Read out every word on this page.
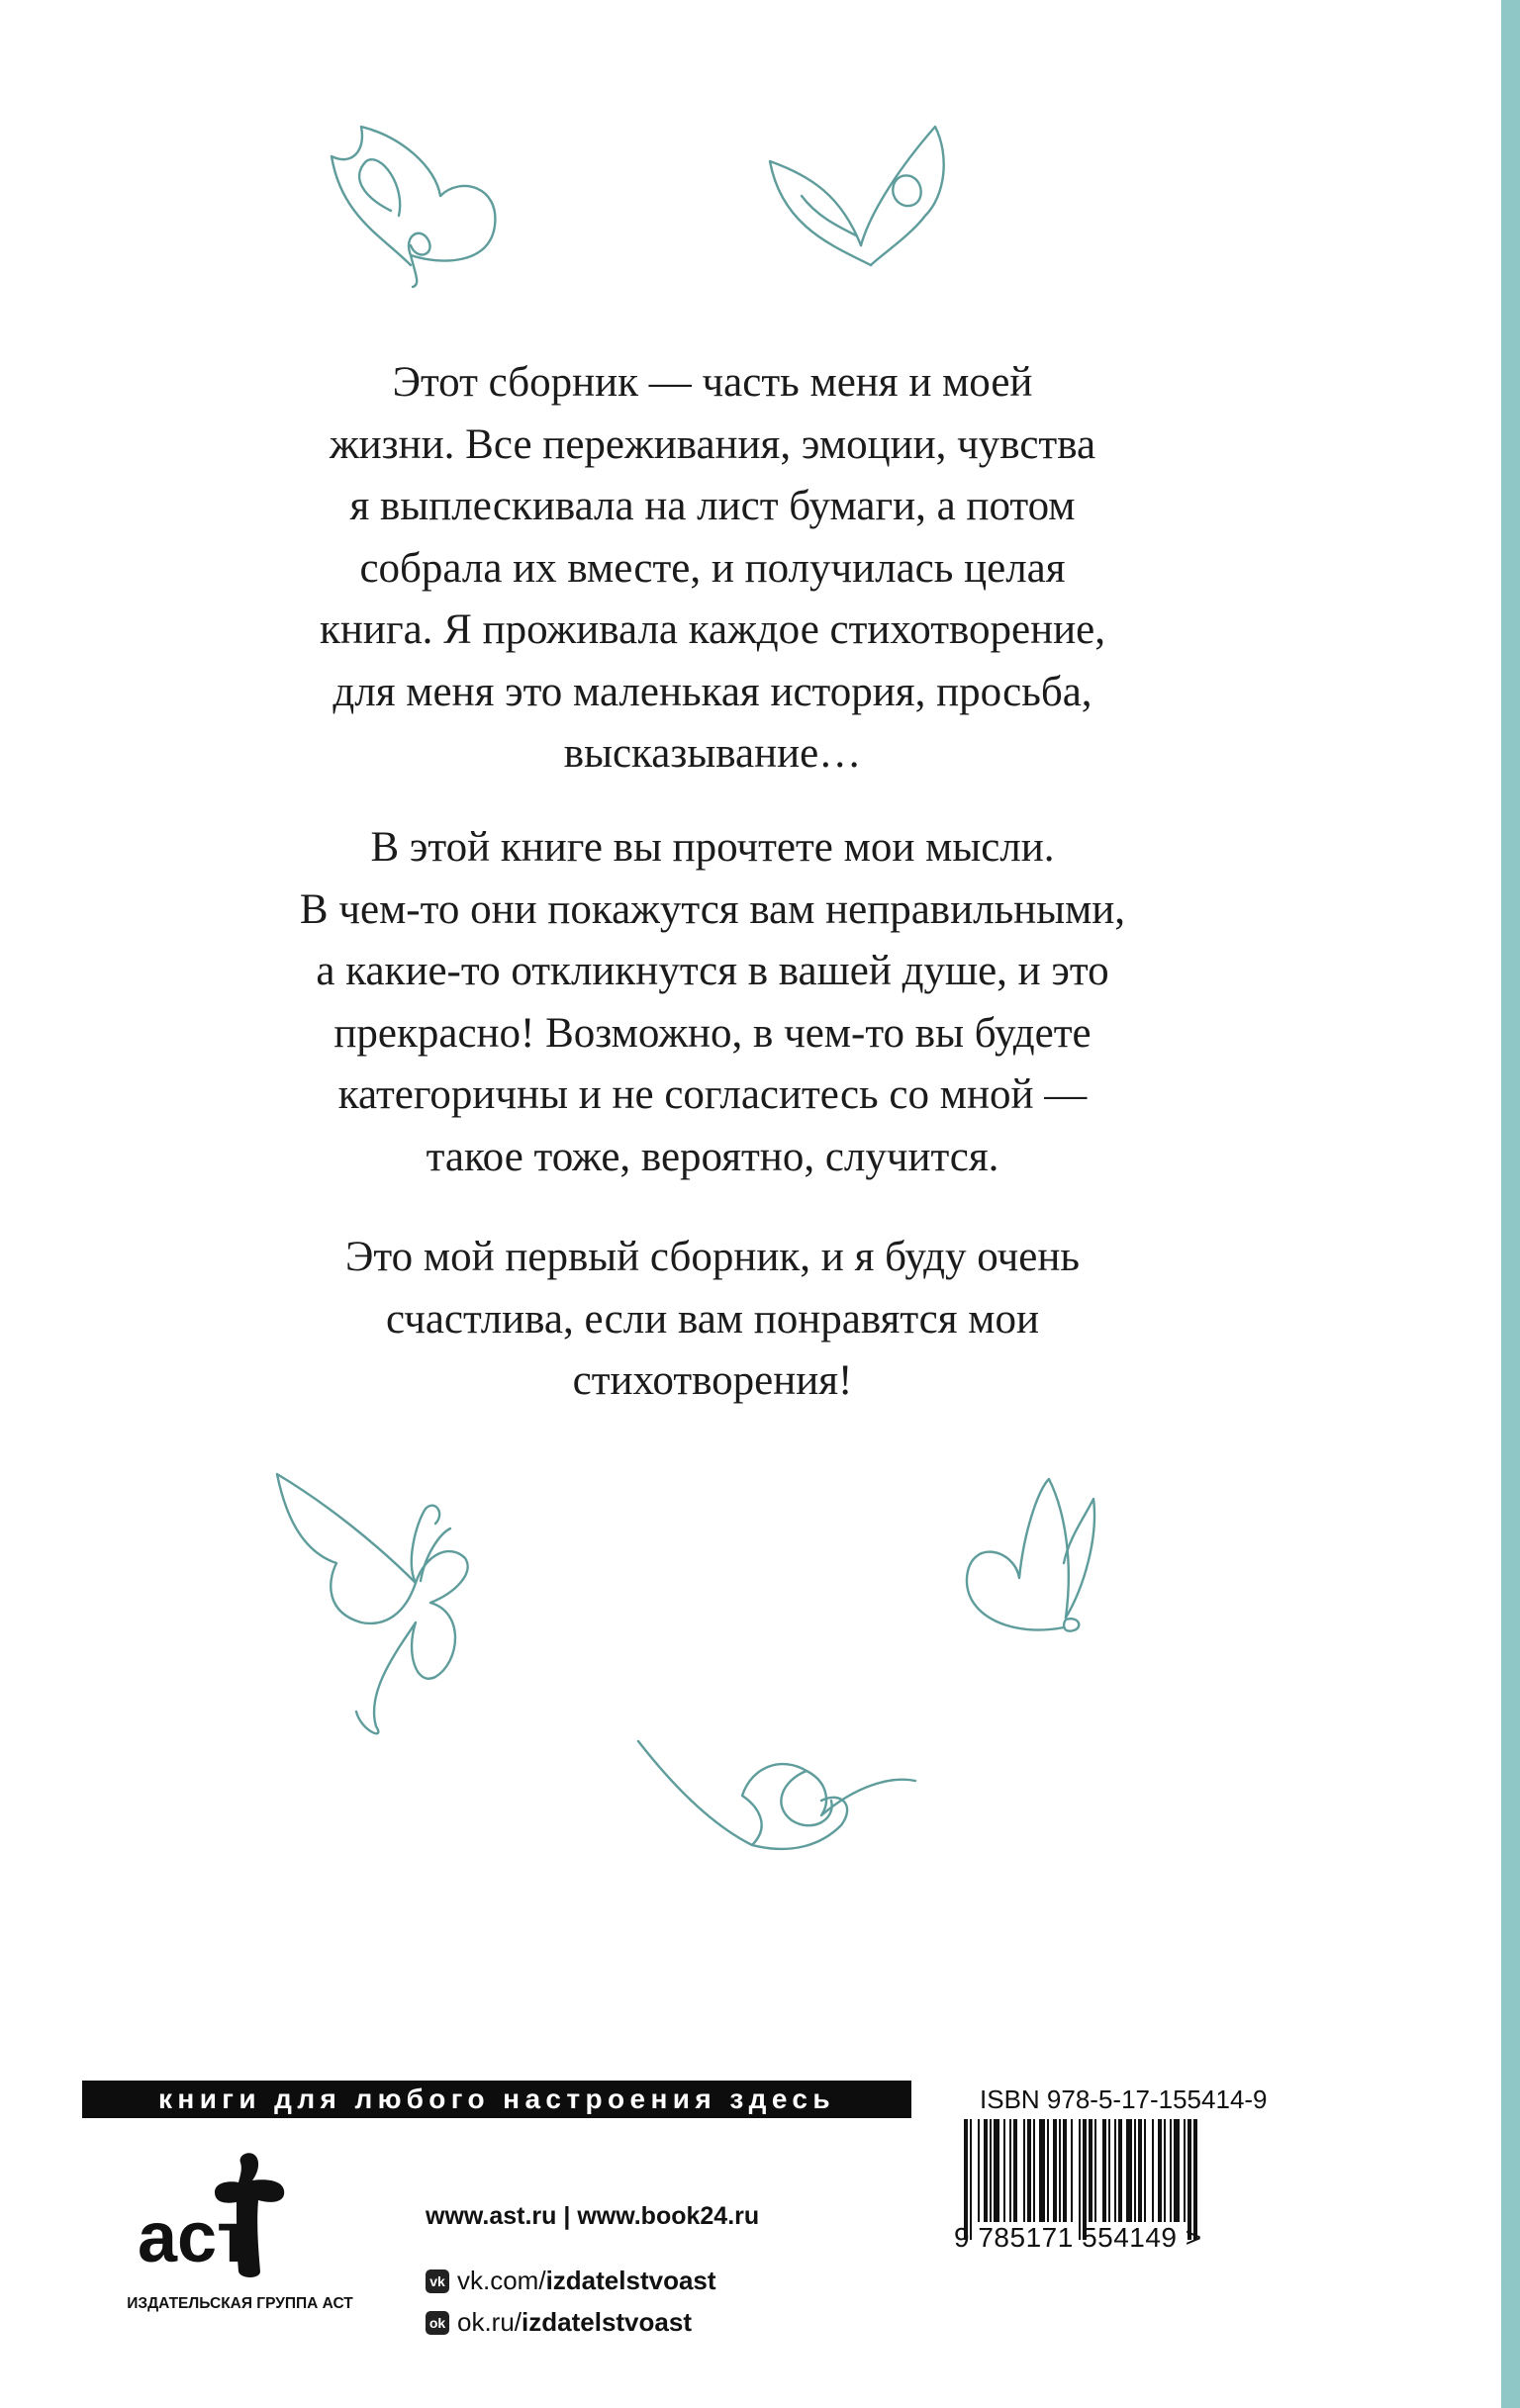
Этот сборник — часть меня и моей
жизни. Все переживания, эмоции, чувства
я выплескивала на лист бумаги, а потом
собрала их вместе, и получилась целая
книга. Я проживала каждое стихотворение,
для меня это маленькая история, просьба,
высказывание…
В этой книге вы прочтете мои мысли.
В чем-то они покажутся вам неправильными,
а какие-то откликнутся в вашей душе, и это
прекрасно! Возможно, в чем-то вы будете
категоричны и не согласитесь со мной —
такое тоже, вероятно, случится.
Это мой первый сборник, и я буду очень
счастлива, если вам понравятся мои
стихотворения!
книги для любого настроения здесь
аст
ИЗДАТЕЛЬСКАЯ ГРУППА АСТ
www.ast.ru | www.book24.ru
vk vk.com/ izdatelstvoast
ok ok.ru/ izdatelstvoast
ISBN 978-5-17-155414-9
9 785171 554149 >
